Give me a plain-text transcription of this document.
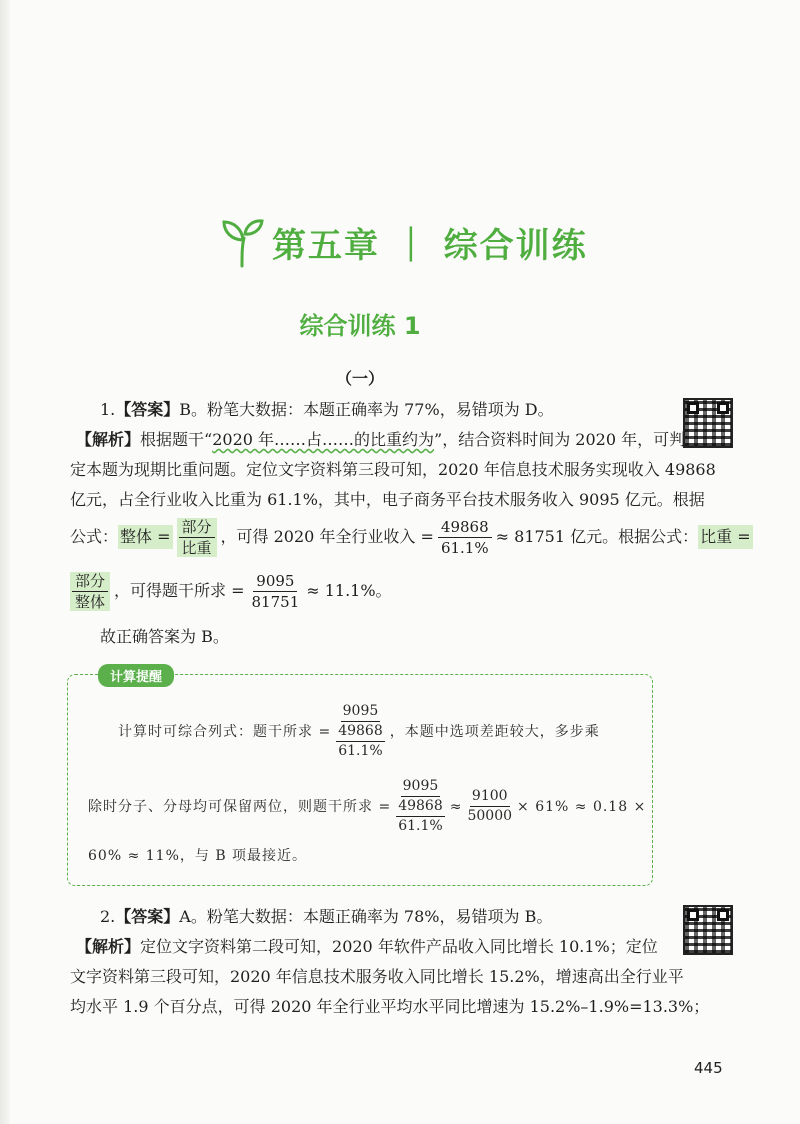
第五章 ｜ 综合训练
综合训练 1
（一）
1.【答案】B。粉笔大数据：本题正确率为 77%，易错项为 D。
【解析】根据题干“2020 年……占……的比重约为”，结合资料时间为 2020 年，可判
定本题为现期比重问题。定位文字资料第三段可知，2020 年信息技术服务实现收入 49868
亿元，占全行业收入比重为 61.1%，其中，电子商务平台技术服务收入 9095 亿元。根据
公式： 整体 = $\frac{\text{部分}}{\text{比重}}$ ，可得 2020 年全行业收入 = $\frac{49868}{61.1\%} \approx 81751$ 亿元。根据公式： 比重 =
$\frac{\text{部分}}{\text{整体}}$ ，可得题干所求 = $\frac{9095}{81751} \approx 11.1\%$。
故正确答案为 B。
计算提醒
计算时可综合列式：题干所求 = $\frac{9095}{\frac{49868}{61.1\%}}$ ，本题中选项差距较大，多步乘
除时分子、分母均可保留两位，则题干所求 = $\frac{9095}{\frac{49868}{61.1\%}} \approx \frac{9100}{50000} \times 61\% \approx 0.18$ ×
60% ≈ 11%，与 B 项最接近。
2.【答案】A。粉笔大数据：本题正确率为 78%，易错项为 B。
【解析】定位文字资料第二段可知，2020 年软件产品收入同比增长 10.1%；定位
文字资料第三段可知，2020 年信息技术服务收入同比增长 15.2%，增速高出全行业平
均水平 1.9 个百分点，可得 2020 年全行业平均水平同比增速为 15.2%–1.9%=13.3%；
445
